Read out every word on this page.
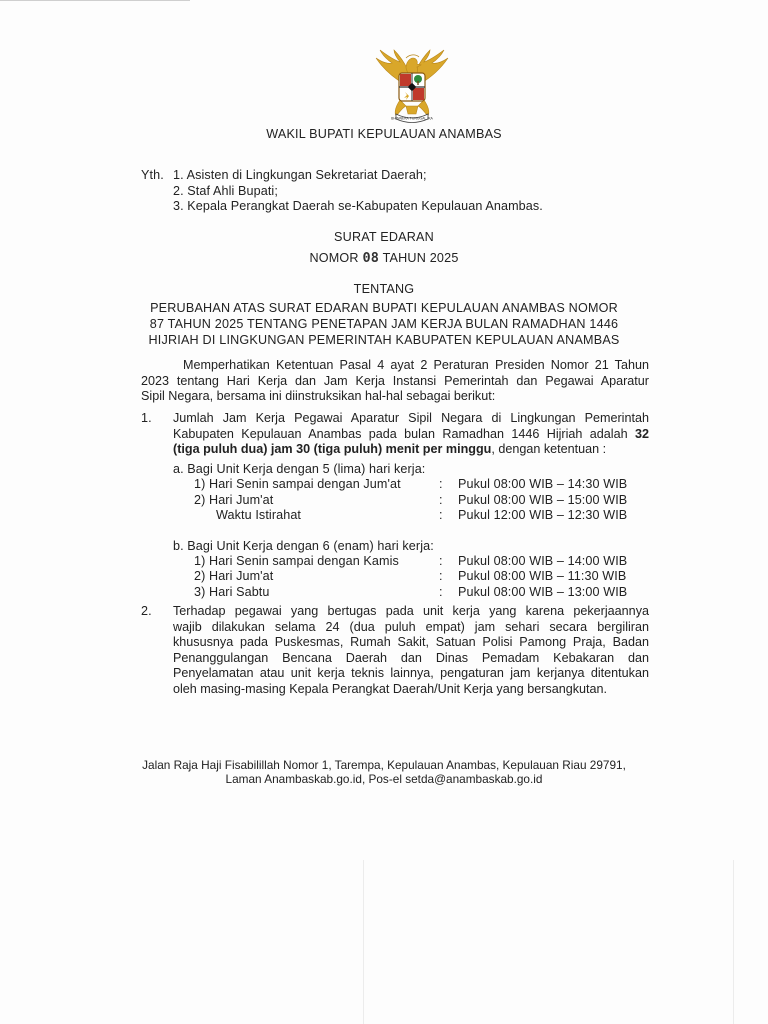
BHINNEKA TUNGGAL IKA
WAKIL BUPATI KEPULAUAN ANAMBAS
Yth. 1. Asisten di Lingkungan Sekretariat Daerah;
2. Staf Ahli Bupati;
3. Kepala Perangkat Daerah se-Kabupaten Kepulauan Anambas.
SURAT EDARAN
NOMOR 08 TAHUN 2025
TENTANG
PERUBAHAN ATAS SURAT EDARAN BUPATI KEPULAUAN ANAMBAS NOMOR
87 TAHUN 2025 TENTANG PENETAPAN JAM KERJA BULAN RAMADHAN 1446
HIJRIAH DI LINGKUNGAN PEMERINTAH KABUPATEN KEPULAUAN ANAMBAS
Memperhatikan Ketentuan Pasal 4 ayat 2 Peraturan Presiden Nomor 21 Tahun
2023 tentang Hari Kerja dan Jam Kerja Instansi Pemerintah dan Pegawai Aparatur
Sipil Negara, bersama ini diinstruksikan hal-hal sebagai berikut:
1. Jumlah Jam Kerja Pegawai Aparatur Sipil Negara di Lingkungan Pemerintah
Kabupaten Kepulauan Anambas pada bulan Ramadhan 1446 Hijriah adalah 32
(tiga puluh dua) jam 30 (tiga puluh) menit per minggu, dengan ketentuan :
a. Bagi Unit Kerja dengan 5 (lima) hari kerja:
1) Hari Senin sampai dengan Jum'at	: Pukul 08:00 WIB – 14:30 WIB
2) Hari Jum'at	: Pukul 08:00 WIB – 15:00 WIB
Waktu Istirahat	: Pukul 12:00 WIB – 12:30 WIB
b. Bagi Unit Kerja dengan 6 (enam) hari kerja:
1) Hari Senin sampai dengan Kamis	: Pukul 08:00 WIB – 14:00 WIB
2) Hari Jum'at	: Pukul 08:00 WIB – 11:30 WIB
3) Hari Sabtu	: Pukul 08:00 WIB – 13:00 WIB
2. Terhadap pegawai yang bertugas pada unit kerja yang karena pekerjaannya
wajib dilakukan selama 24 (dua puluh empat) jam sehari secara bergiliran
khususnya pada Puskesmas, Rumah Sakit, Satuan Polisi Pamong Praja, Badan
Penanggulangan Bencana Daerah dan Dinas Pemadam Kebakaran dan
Penyelamatan atau unit kerja teknis lainnya, pengaturan jam kerjanya ditentukan
oleh masing-masing Kepala Perangkat Daerah/Unit Kerja yang bersangkutan.
Jalan Raja Haji Fisabilillah Nomor 1, Tarempa, Kepulauan Anambas, Kepulauan Riau 29791,
Laman Anambaskab.go.id, Pos-el setda@anambaskab.go.id
